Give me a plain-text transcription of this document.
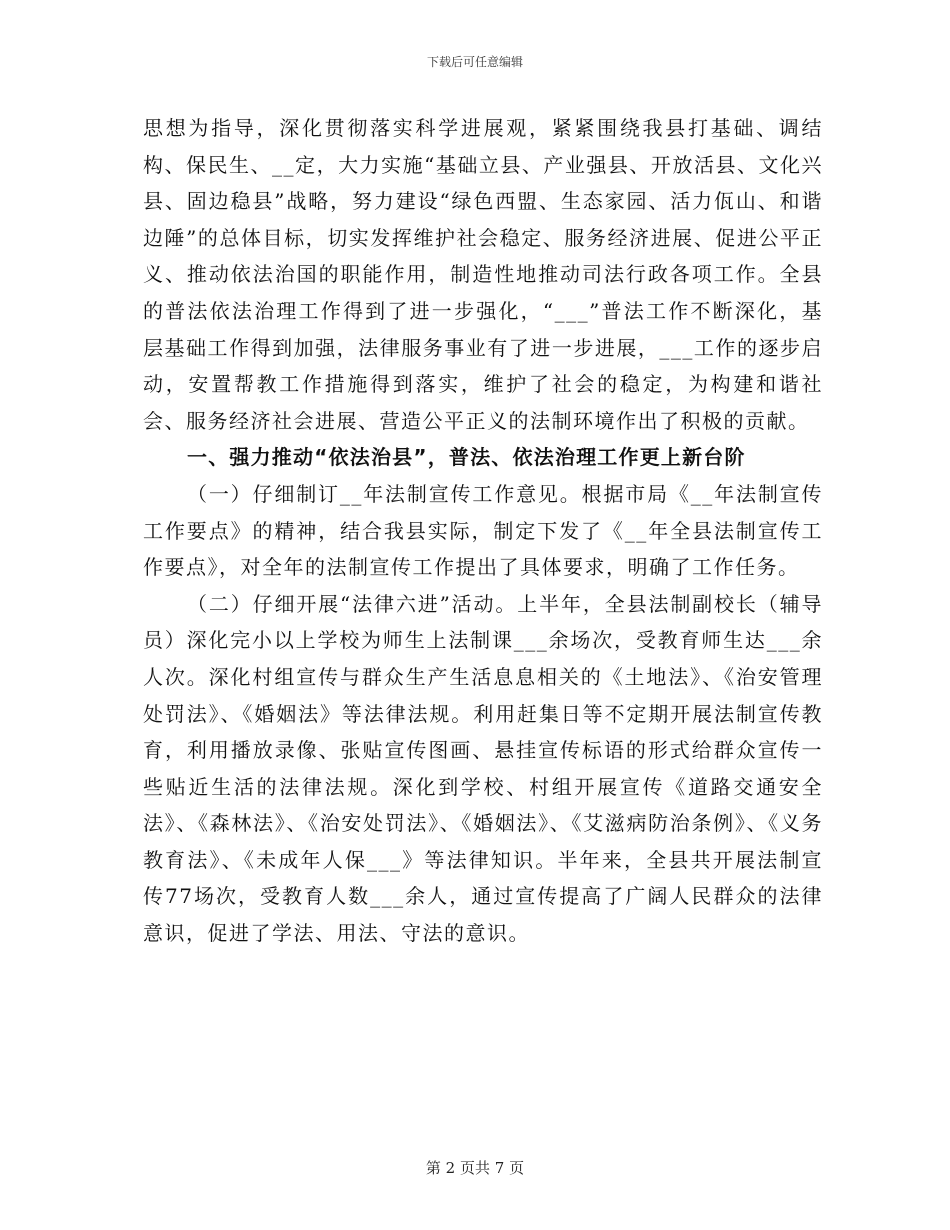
下载后可任意编辑

思想为指导，深化贯彻落实科学进展观，紧紧围绕我县打基础、调结构、保民生、__定，大力实施“基础立县、产业强县、开放活县、文化兴县、固边稳县”战略，努力建设“绿色西盟、生态家园、活力佤山、和谐边陲”的总体目标，切实发挥维护社会稳定、服务经济进展、促进公平正义、推动依法治国的职能作用，制造性地推动司法行政各项工作。全县的普法依法治理工作得到了进一步强化，“___”普法工作不断深化，基层基础工作得到加强，法律服务事业有了进一步进展，___工作的逐步启动，安置帮教工作措施得到落实，维护了社会的稳定，为构建和谐社会、服务经济社会进展、营造公平正义的法制环境作出了积极的贡献。

一、强力推动“依法治县”，普法、依法治理工作更上新台阶

（一）仔细制订__年法制宣传工作意见。根据市局《__年法制宣传工作要点》的精神，结合我县实际，制定下发了《__年全县法制宣传工作要点》，对全年的法制宣传工作提出了具体要求，明确了工作任务。

（二）仔细开展“法律六进”活动。上半年，全县法制副校长（辅导员）深化完小以上学校为师生上法制课___余场次，受教育师生达___余人次。深化村组宣传与群众生产生活息息相关的《土地法》、《治安管理处罚法》、《婚姻法》等法律法规。利用赶集日等不定期开展法制宣传教育，利用播放录像、张贴宣传图画、悬挂宣传标语的形式给群众宣传一些贴近生活的法律法规。深化到学校、村组开展宣传《道路交通安全法》、《森林法》、《治安处罚法》、《婚姻法》、《艾滋病防治条例》、《义务教育法》、《未成年人保___》等法律知识。半年来，全县共开展法制宣传77场次，受教育人数___余人，通过宣传提高了广阔人民群众的法律意识，促进了学法、用法、守法的意识。

第 2 页共 7 页
